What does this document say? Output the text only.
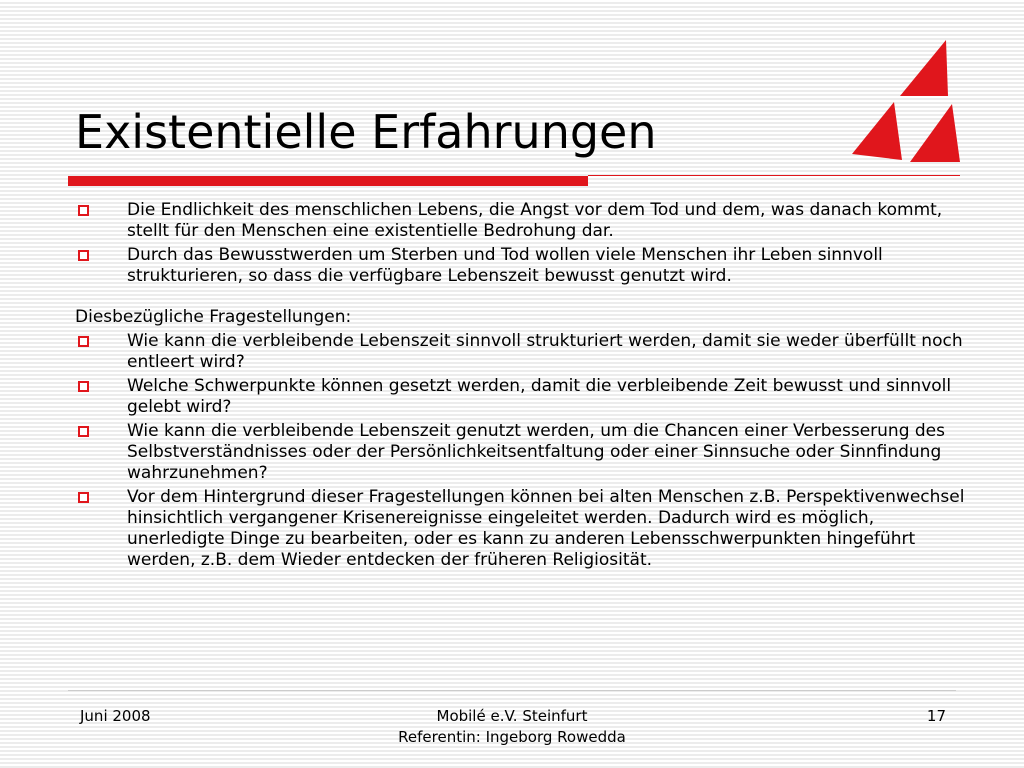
Existentielle Erfahrungen
Die Endlichkeit des menschlichen Lebens, die Angst vor dem Tod und dem, was danach kommt, stellt für den Menschen eine existentielle Bedrohung dar.
Durch das Bewusstwerden um Sterben und Tod wollen viele Menschen ihr Leben sinnvoll strukturieren, so dass die verfügbare Lebenszeit bewusst genutzt wird.
Diesbezügliche Fragestellungen:
Wie kann die verbleibende Lebenszeit sinnvoll strukturiert werden, damit sie weder überfüllt noch entleert wird?
Welche Schwerpunkte können gesetzt werden, damit die verbleibende Zeit bewusst und sinnvoll gelebt wird?
Wie kann die verbleibende Lebenszeit genutzt werden, um die Chancen einer Verbesserung des Selbstverständnisses oder der Persönlichkeitsentfaltung oder einer Sinnsuche oder Sinnfindung wahrzunehmen?
Vor dem Hintergrund dieser Fragestellungen können bei alten Menschen z.B. Perspektivenwechsel hinsichtlich vergangener Krisenereignisse eingeleitet werden. Dadurch wird es möglich, unerledigte Dinge zu bearbeiten, oder es kann zu anderen Lebensschwerpunkten hingeführt werden, z.B. dem Wieder entdecken der früheren Religiosität.
Juni 2008	Mobilé e.V. Steinfurt
Referentin: Ingeborg Rowedda
17
